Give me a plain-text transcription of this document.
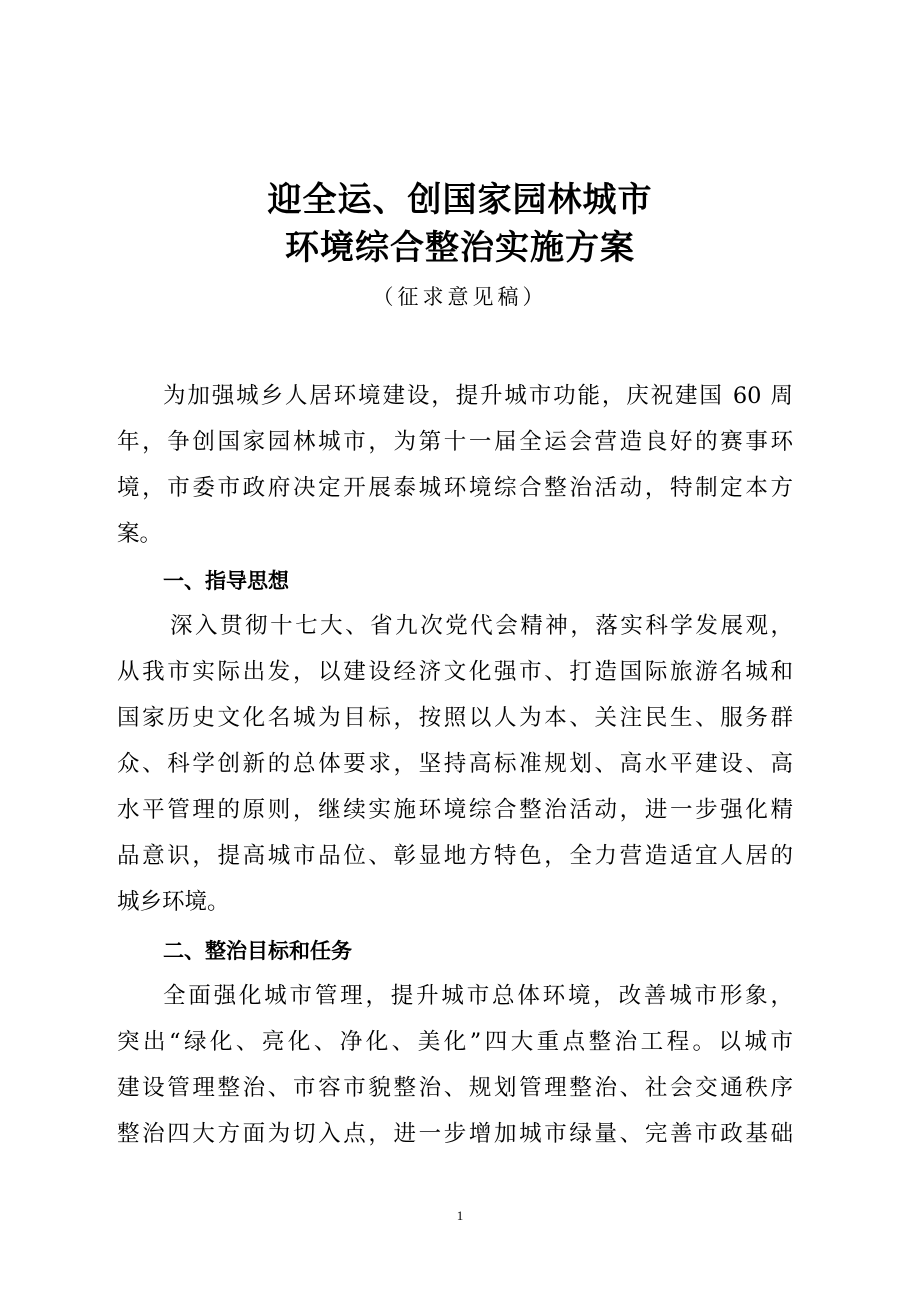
迎全运、创国家园林城市
环境综合整治实施方案
（征求意见稿）
为加强城乡人居环境建设，提升城市功能，庆祝建国 60 周
年，争创国家园林城市，为第十一届全运会营造良好的赛事环
境，市委市政府决定开展泰城环境综合整治活动，特制定本方
案。
一、指导思想
深入贯彻十七大、省九次党代会精神，落实科学发展观，
从我市实际出发，以建设经济文化强市、打造国际旅游名城和
国家历史文化名城为目标，按照以人为本、关注民生、服务群
众、科学创新的总体要求，坚持高标准规划、高水平建设、高
水平管理的原则，继续实施环境综合整治活动，进一步强化精
品意识，提高城市品位、彰显地方特色，全力营造适宜人居的
城乡环境。
二、整治目标和任务
全面强化城市管理，提升城市总体环境，改善城市形象，
突出“绿化、亮化、净化、美化”四大重点整治工程。以城市
建设管理整治、市容市貌整治、规划管理整治、社会交通秩序
整治四大方面为切入点，进一步增加城市绿量、完善市政基础
1
